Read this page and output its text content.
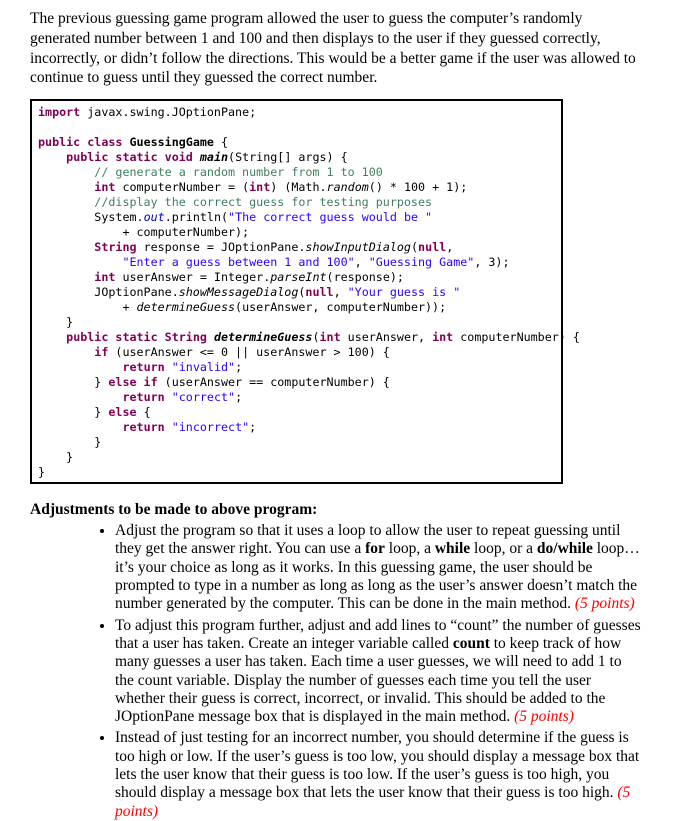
The previous guessing game program allowed the user to guess the computer’s randomly generated number between 1 and 100 and then displays to the user if they guessed correctly, incorrectly, or didn’t follow the directions. This would be a better game if the user was allowed to continue to guess until they guessed the correct number.

import javax.swing.JOptionPane;
public class GuessingGame {
public static void main(String[] args) {
// generate a random number from 1 to 100
int computerNumber = (int) (Math.random() * 100 + 1);
//display the correct guess for testing purposes
System.out.println("The correct guess would be "
+ computerNumber);
String response = JOptionPane.showInputDialog(null,
"Enter a guess between 1 and 100", "Guessing Game", 3);
int userAnswer = Integer.parseInt(response);
JOptionPane.showMessageDialog(null, "Your guess is "
+ determineGuess(userAnswer, computerNumber));
}
public static String determineGuess(int userAnswer, int computerNumber) {
if (userAnswer <= 0 || userAnswer > 100) {
return "invalid";
} else if (userAnswer == computerNumber) {
return "correct";
} else {
return "incorrect";
}
}
}

Adjustments to be made to above program:

• Adjust the program so that it uses a loop to allow the user to repeat guessing until they get the answer right. You can use a for loop, a while loop, or a do/while loop…it’s your choice as long as it works. In this guessing game, the user should be prompted to type in a number as long as long as the user’s answer doesn’t match the number generated by the computer. This can be done in the main method. (5 points)
• To adjust this program further, adjust and add lines to “count” the number of guesses that a user has taken. Create an integer variable called count to keep track of how many guesses a user has taken. Each time a user guesses, we will need to add 1 to the count variable. Display the number of guesses each time you tell the user whether their guess is correct, incorrect, or invalid. This should be added to the JOptionPane message box that is displayed in the main method. (5 points)
• Instead of just testing for an incorrect number, you should determine if the guess is too high or low. If the user’s guess is too low, you should display a message box that lets the user know that their guess is too low. If the user’s guess is too high, you should display a message box that lets the user know that their guess is too high. (5 points)
